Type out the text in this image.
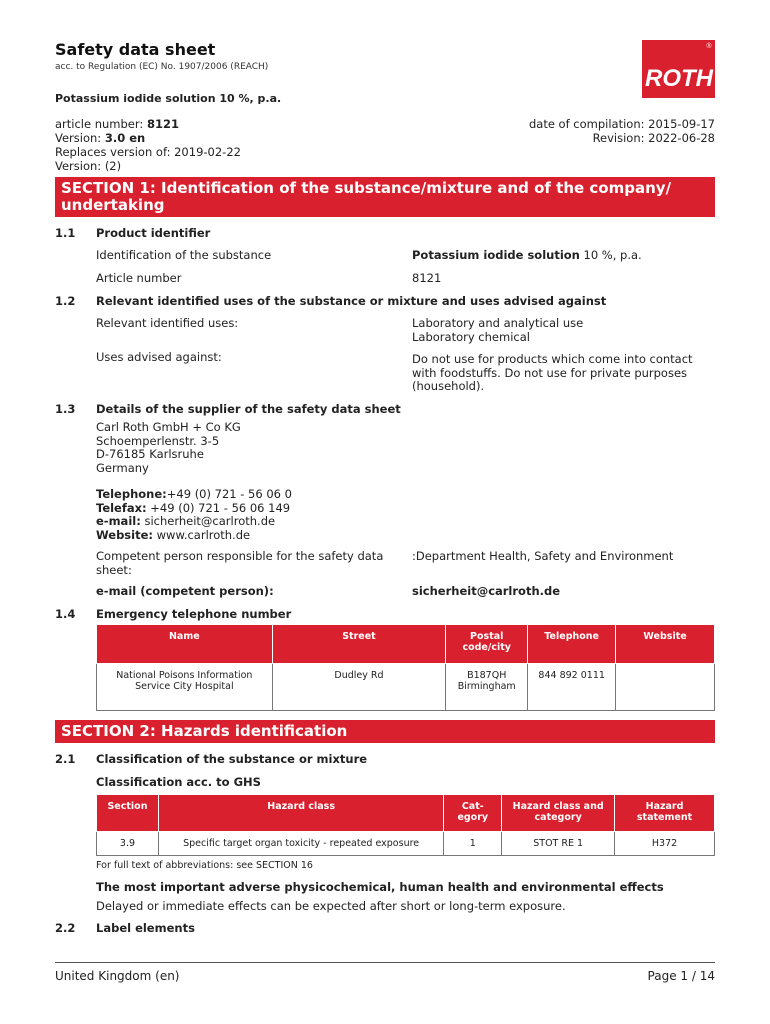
Safety data sheet
acc. to Regulation (EC) No. 1907/2006 (REACH)	ROTH
®
Potassium iodide solution 10 %, p.a.
article number: 8121
Version: 3.0 en
Replaces version of: 2019-02-22
Version: (2)
date of compilation: 2015-09-17
Revision: 2022-06-28
SECTION 1: Identification of the substance/mixture and of the company/ undertaking
1.1 Product identifier
Identification of the substance	Potassium iodide solution 10 %, p.a.
Article number	8121
1.2 Relevant identified uses of the substance or mixture and uses advised against
Relevant identified uses:	Laboratory and analytical use
Laboratory chemical
Uses advised against:	Do not use for products which come into contact with foodstuffs. Do not use for private purposes (household).
1.3 Details of the supplier of the safety data sheet
Carl Roth GmbH + Co KG
Schoemperlenstr. 3-5
D-76185 Karlsruhe
Germany
Telephone:+49 (0) 721 - 56 06 0
Telefax: +49 (0) 721 - 56 06 149
e-mail: sicherheit@carlroth.de
Website: www.carlroth.de
Competent person responsible for the safety data sheet:
:Department Health, Safety and Environment
e-mail (competent person):	sicherheit@carlroth.de
1.4 Emergency telephone number
Name	Street	Postal code/city	Telephone	Website
National Poisons Information Service City Hospital	Dudley Rd	B187QH Birmingham	844 892 0111	
SECTION 2: Hazards identification
2.1 Classification of the substance or mixture
Classification acc. to GHS
Section	Hazard class	Cat-egory	Hazard class and category	Hazard statement
3.9	Specific target organ toxicity - repeated exposure	1	STOT RE 1	H372
For full text of abbreviations: see SECTION 16
The most important adverse physicochemical, human health and environmental effects
Delayed or immediate effects can be expected after short or long-term exposure.
2.2 Label elements
United Kingdom (en)	Page 1 / 14
